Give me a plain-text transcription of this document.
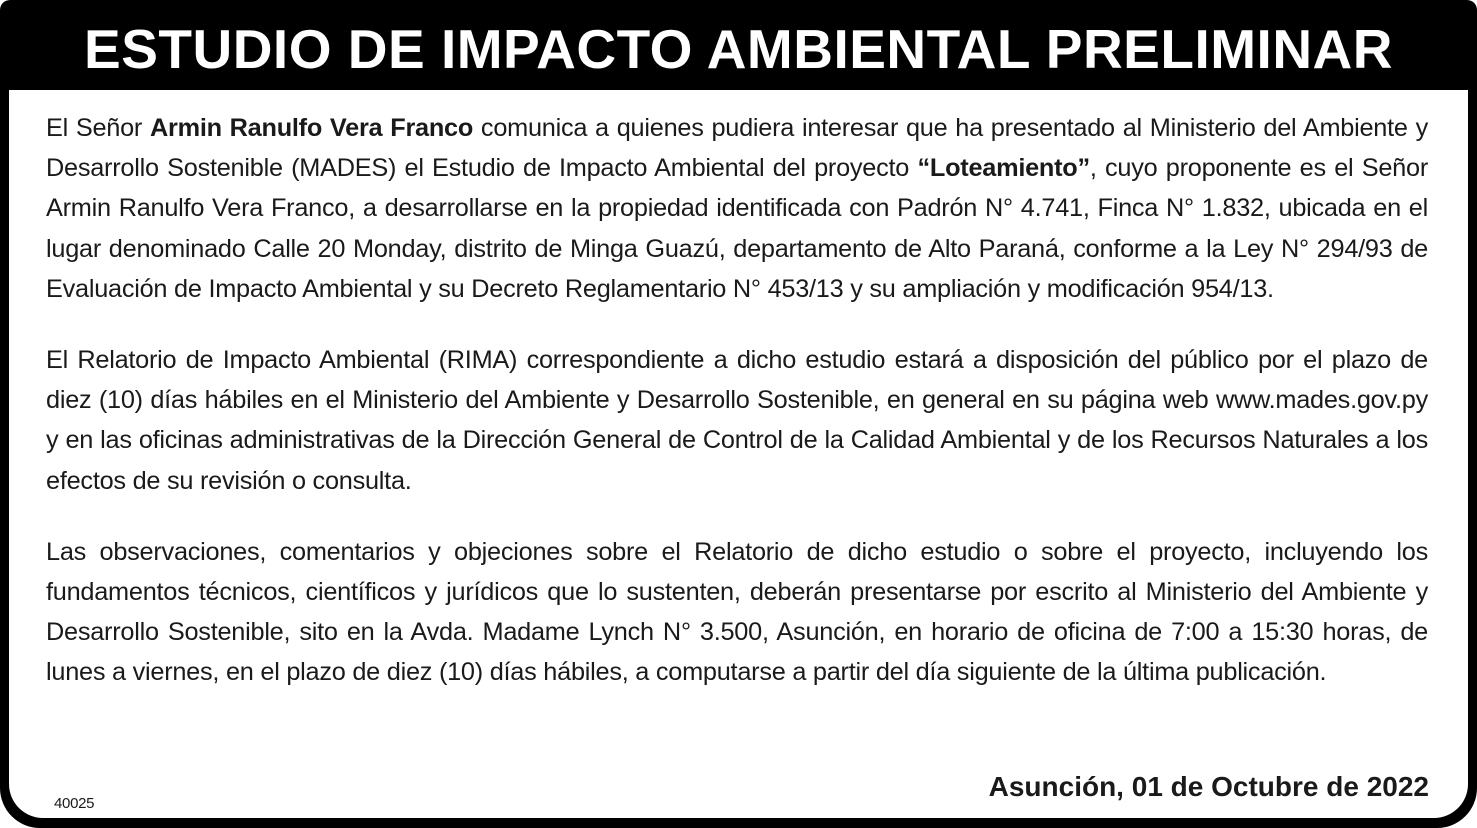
ESTUDIO DE IMPACTO AMBIENTAL PRELIMINAR

El Señor Armin Ranulfo Vera Franco comunica a quienes pudiera interesar que ha presentado al Ministerio del Ambiente y Desarrollo Sostenible (MADES) el Estudio de Impacto Ambiental del proyecto “Loteamiento”, cuyo proponente es el Señor Armin Ranulfo Vera Franco, a desarrollarse en la propiedad identificada con Padrón N° 4.741, Finca N° 1.832, ubicada en el lugar denominado Calle 20 Monday, distrito de Minga Guazú, departamento de Alto Paraná, conforme a la Ley N° 294/93 de Evaluación de Impacto Ambiental y su Decreto Reglamentario N° 453/13 y su ampliación y modificación 954/13.

El Relatorio de Impacto Ambiental (RIMA) correspondiente a dicho estudio estará a disposición del público por el plazo de diez (10) días hábiles en el Ministerio del Ambiente y Desarrollo Sostenible, en general en su página web www.mades.gov.py y en las oficinas administrativas de la Dirección General de Control de la Calidad Ambiental y de los Recursos Naturales a los efectos de su revisión o consulta.

Las observaciones, comentarios y objeciones sobre el Relatorio de dicho estudio o sobre el proyecto, incluyendo los fundamentos técnicos, científicos y jurídicos que lo sustenten, deberán presentarse por escrito al Ministerio del Ambiente y Desarrollo Sostenible, sito en la Avda. Madame Lynch N° 3.500, Asunción, en horario de oficina de 7:00 a 15:30 horas, de lunes a viernes, en el plazo de diez (10) días hábiles, a computarse a partir del día siguiente de la última publicación.

Asunción, 01 de Octubre de 2022
40025
